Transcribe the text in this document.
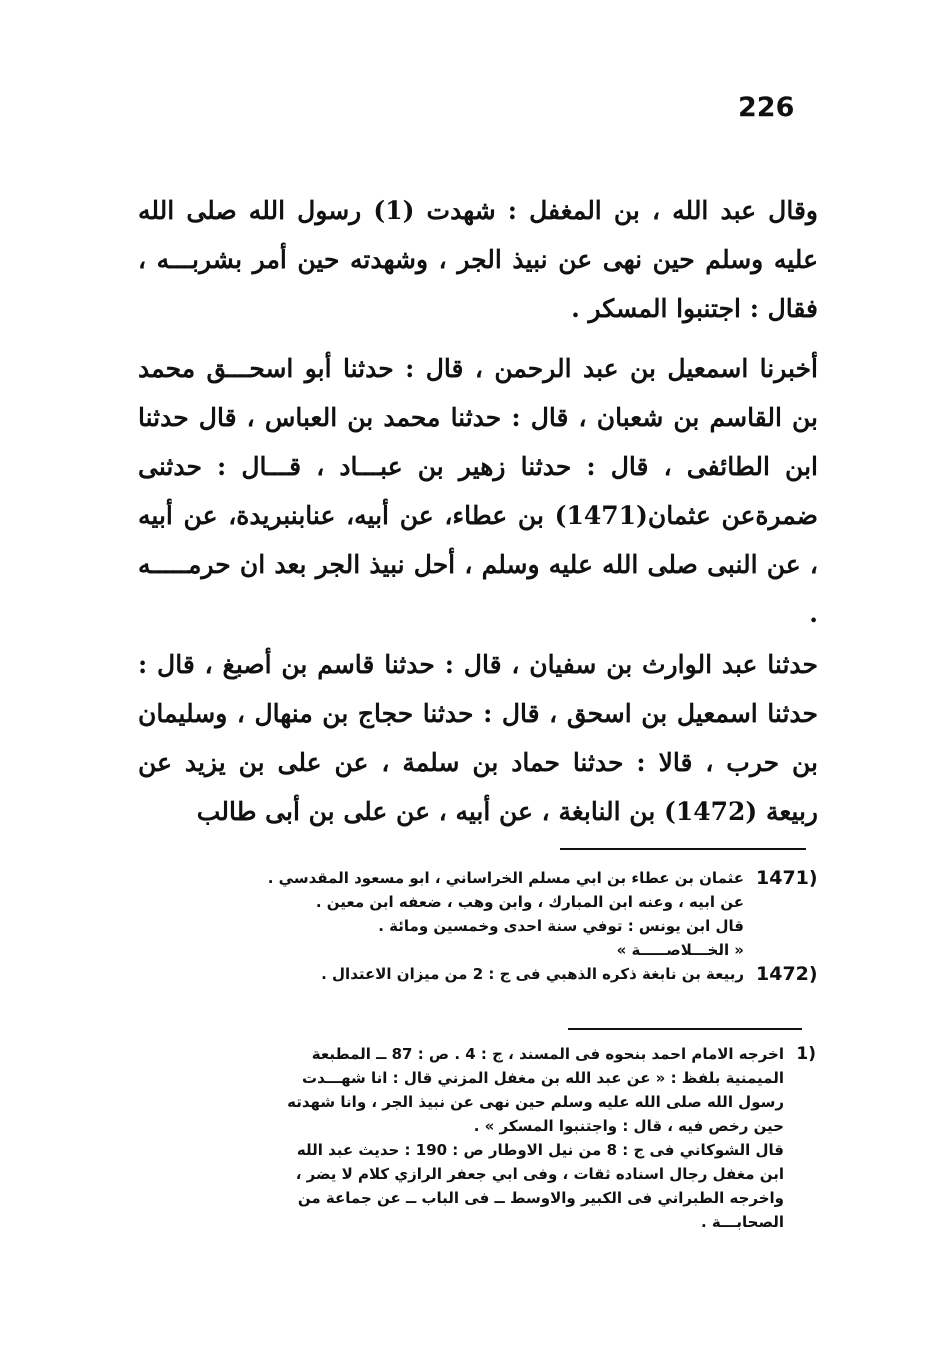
226

وقال عبد الله ، بن المغفل : شهدت (1) رسول الله صلى الله عليه وسلم حين نهى عن نبيذ الجر ، وشهدته حين أمر بشربـــه ، فقال : اجتنبوا المسكر .

أخبرنا اسمعيل بن عبد الرحمن ، قال : حدثنا أبو اسحـــق محمد بن القاسم بن شعبان ، قال : حدثنا محمد بن العباس ، قال حدثنا ابن الطائفى ، قال : حدثنا زهير بن عبـــاد ، قـــال : حدثنى ضمرةعن عثمان(1471) بن عطاء، عن أبيه، عنابنبريدة، عن أبيه ، عن النبى صلى الله عليه وسلم ، أحل نبيذ الجر بعد ان حرمـــــه .

حدثنا عبد الوارث بن سفيان ، قال : حدثنا قاسم بن أصبغ ، قال : حدثنا اسمعيل بن اسحق ، قال : حدثنا حجاج بن منهال ، وسليمان بن حرب ، قالا : حدثنا حماد بن سلمة ، عن على بن يزيد عن ربيعة (1472) بن النابغة ، عن أبيه ، عن على بن أبى طالب

1471)
عثمان بن عطاء بن ابي مسلم الخراساني ، ابو مسعود المقدسي .
عن ابيه ، وعنه ابن المبارك ، وابن وهب ، ضعفه ابن معين .
قال ابن يونس : توفي سنة احدى وخمسين ومائة .
« الخـــلاصـــــة »
1472)
ربيعة بن نابغة ذكره الذهبي فى ج : 2 من ميزان الاعتدال .
1)
اخرجه الامام احمد بنحوه فى المسند ، ج : 4 . ص : 87 ــ المطبعة
الميمنية بلفظ : « عن عبد الله بن مغفل المزني قال : انا شهـــدت
رسول الله صلى الله عليه وسلم حين نهى عن نبيذ الجر ، وانا شهدته
حين رخص فيه ، قال : واجتنبوا المسكر » .
قال الشوكاني فى ج : 8 من نيل الاوطار ص : 190 : حديث عبد الله
ابن مغفل رجال اسناده ثقات ، وفى ابي جعفر الرازي كلام لا يضر ،
واخرجه الطبراني فى الكبير والاوسط ــ فى الباب ــ عن جماعة من
الصحابـــة .
